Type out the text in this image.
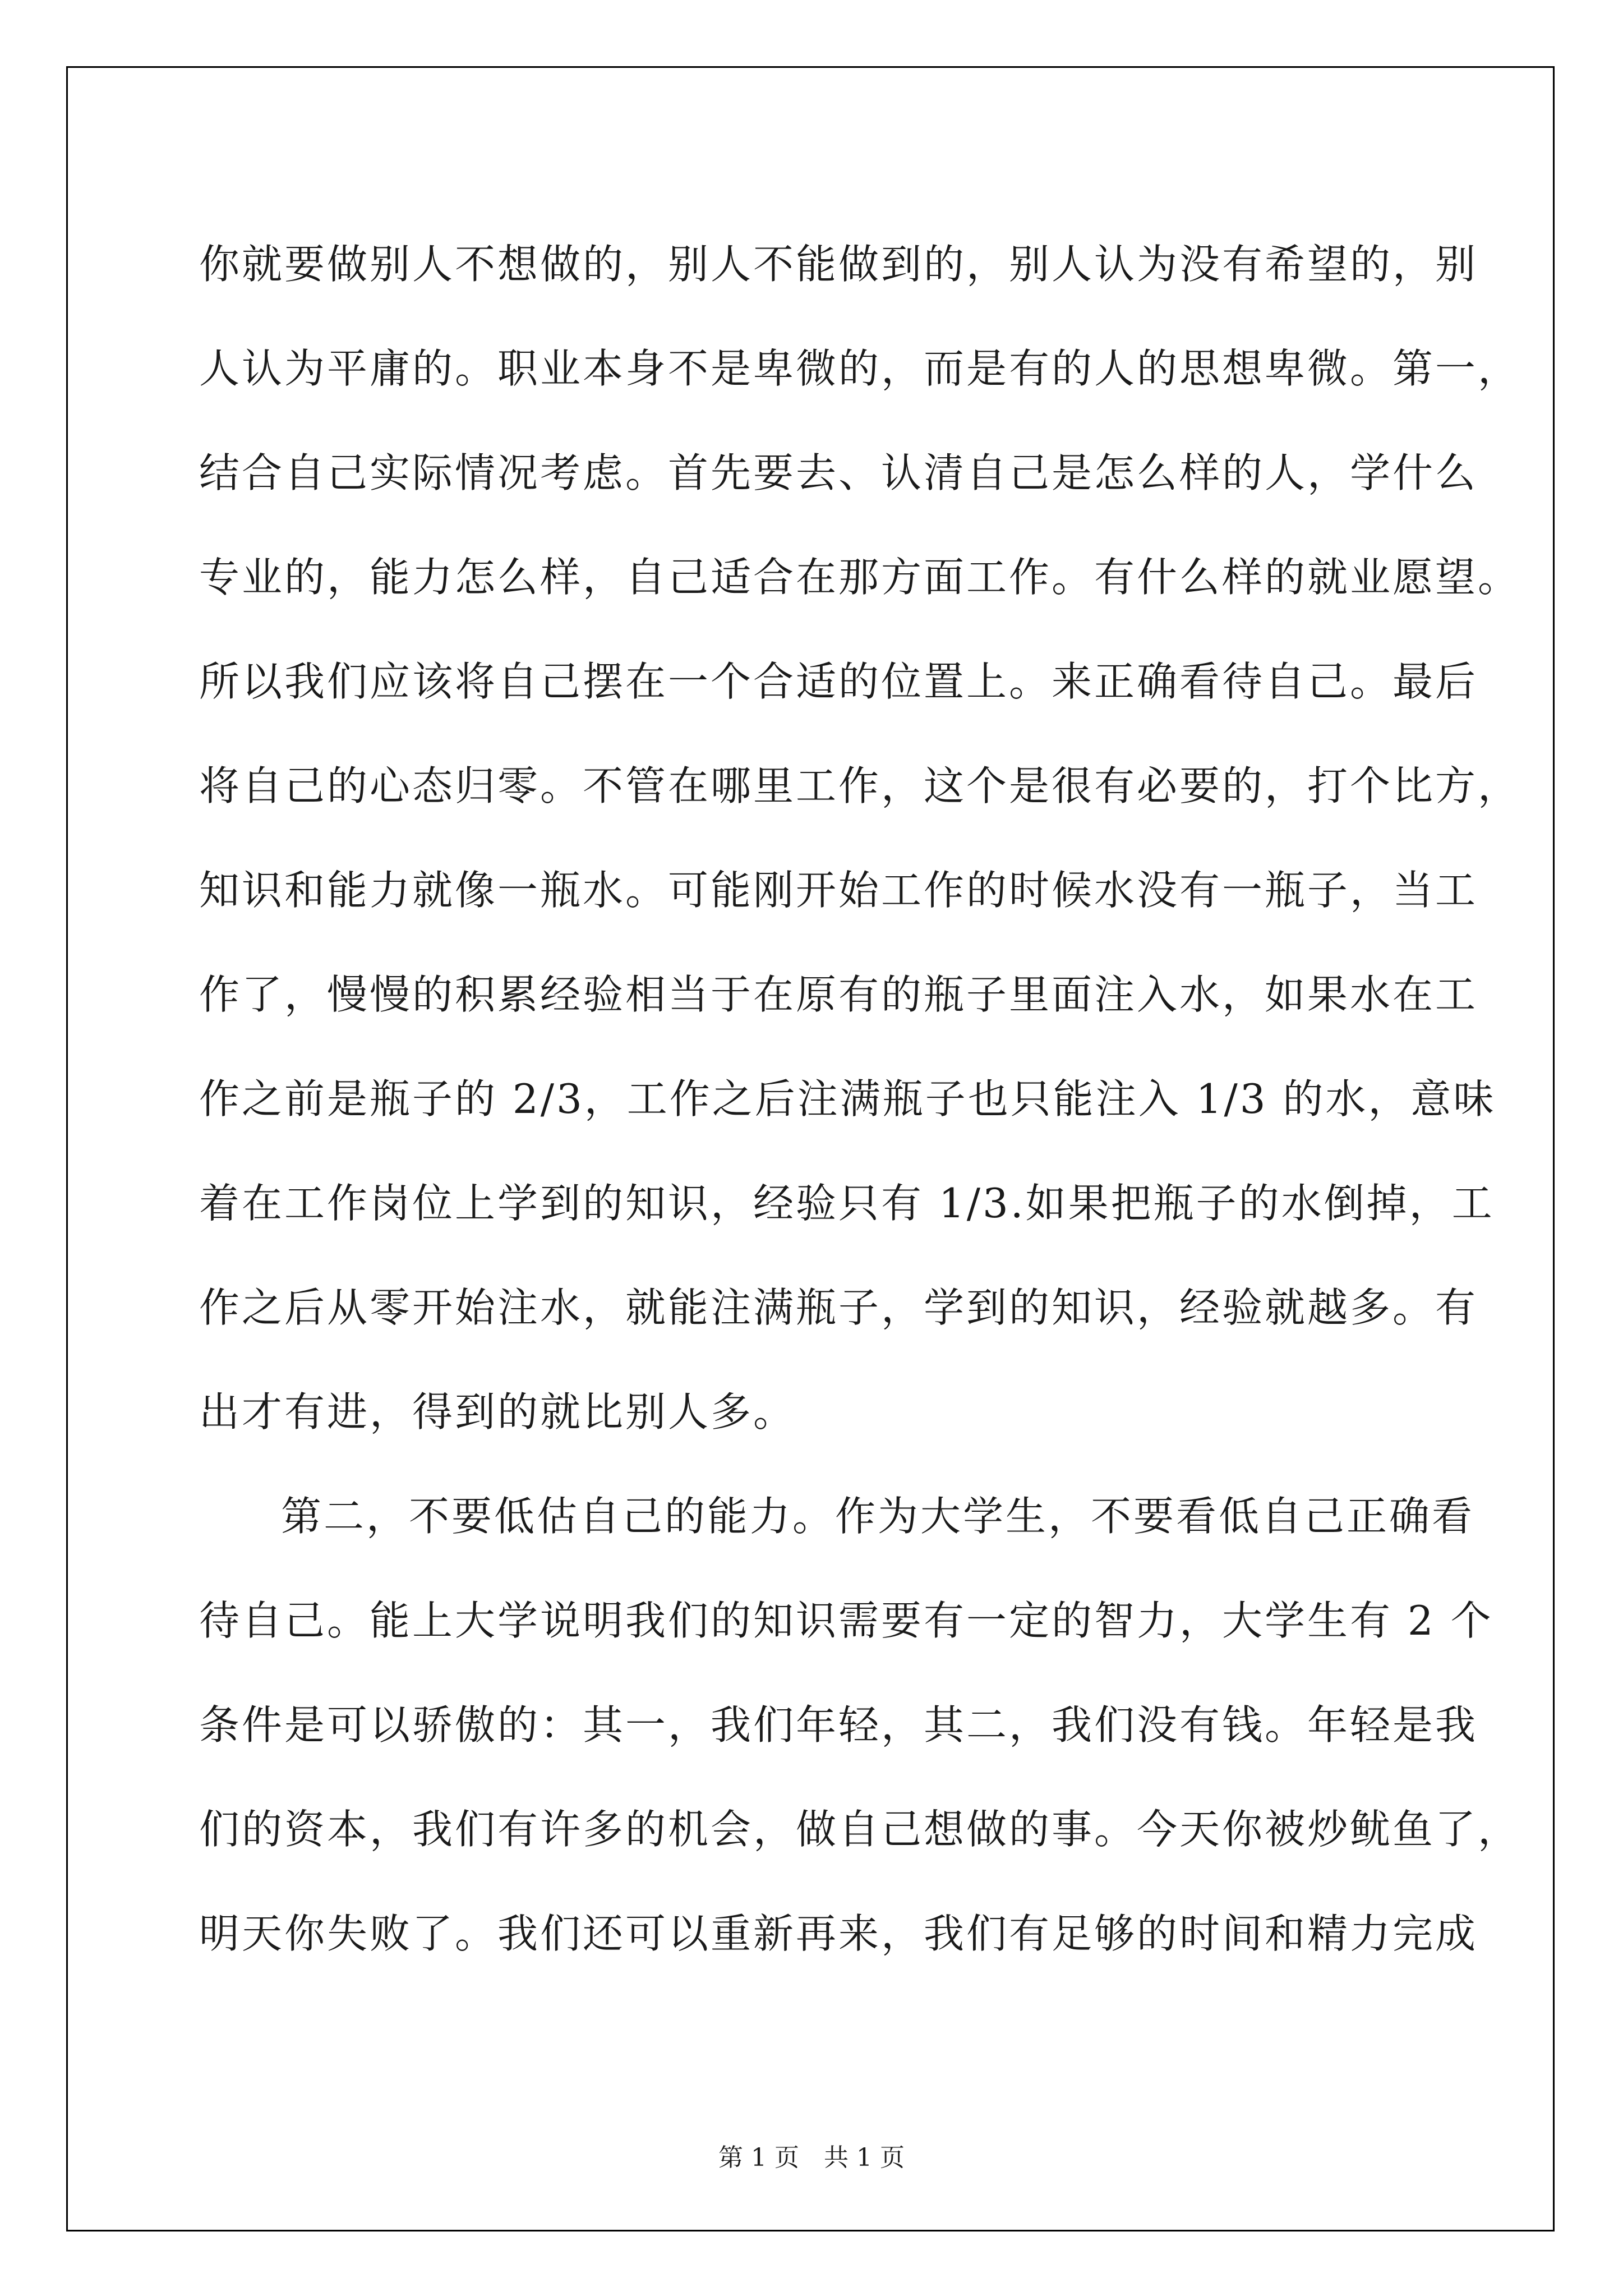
你就要做别人不想做的，别人不能做到的，别人认为没有希望的，别
人认为平庸的。职业本身不是卑微的，而是有的人的思想卑微。第一，
结合自己实际情况考虑。首先要去、认清自己是怎么样的人，学什么
专业的，能力怎么样，自己适合在那方面工作。有什么样的就业愿望。
所以我们应该将自己摆在一个合适的位置上。来正确看待自己。最后
将自己的心态归零。不管在哪里工作，这个是很有必要的，打个比方，
知识和能力就像一瓶水。可能刚开始工作的时候水没有一瓶子，当工
作了，慢慢的积累经验相当于在原有的瓶子里面注入水，如果水在工
作之前是瓶子的 2/3，工作之后注满瓶子也只能注入 1/3 的水，意味
着在工作岗位上学到的知识，经验只有 1/3.如果把瓶子的水倒掉，工
作之后从零开始注水，就能注满瓶子，学到的知识，经验就越多。有
出才有进，得到的就比别人多。
第二，不要低估自己的能力。作为大学生，不要看低自己正确看
待自己。能上大学说明我们的知识需要有一定的智力，大学生有 2 个
条件是可以骄傲的：其一，我们年轻，其二，我们没有钱。年轻是我
们的资本，我们有许多的机会，做自己想做的事。今天你被炒鱿鱼了，
明天你失败了。我们还可以重新再来，我们有足够的时间和精力完成
第 1 页 共 1 页
